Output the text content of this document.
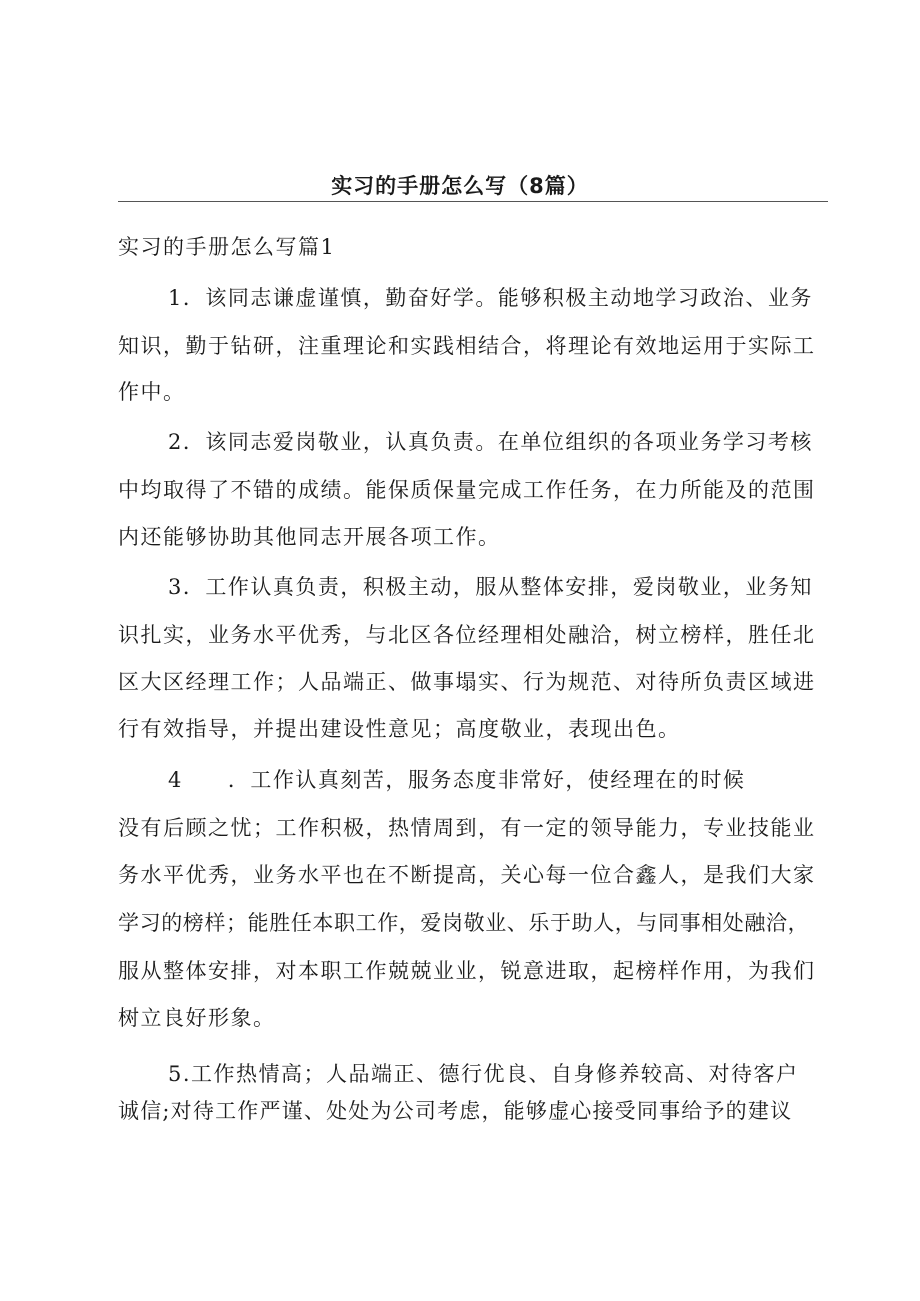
实习的手册怎么写（8篇）
实习的手册怎么写篇1
1．该同志谦虚谨慎，勤奋好学。能够积极主动地学习政治、业务
知识，勤于钻研，注重理论和实践相结合，将理论有效地运用于实际工
作中。
2．该同志爱岗敬业，认真负责。在单位组织的各项业务学习考核
中均取得了不错的成绩。能保质保量完成工作任务，在力所能及的范围
内还能够协助其他同志开展各项工作。
3．工作认真负责，积极主动，服从整体安排，爱岗敬业，业务知
识扎实，业务水平优秀，与北区各位经理相处融洽，树立榜样，胜任北
区大区经理工作；人品端正、做事塌实、行为规范、对待所负责区域进
行有效指导，并提出建设性意见；高度敬业，表现出色。
4　　．工作认真刻苦，服务态度非常好，使经理在的时候
没有后顾之忧；工作积极，热情周到，有一定的领导能力，专业技能业
务水平优秀，业务水平也在不断提高，关心每一位合鑫人，是我们大家
学习的榜样；能胜任本职工作，爱岗敬业、乐于助人，与同事相处融洽，
服从整体安排，对本职工作兢兢业业，锐意进取，起榜样作用，为我们
树立良好形象。
5.工作热情高；人品端正、德行优良、自身修养较高、对待客户
诚信;对待工作严谨、处处为公司考虑，能够虚心接受同事给予的建议
